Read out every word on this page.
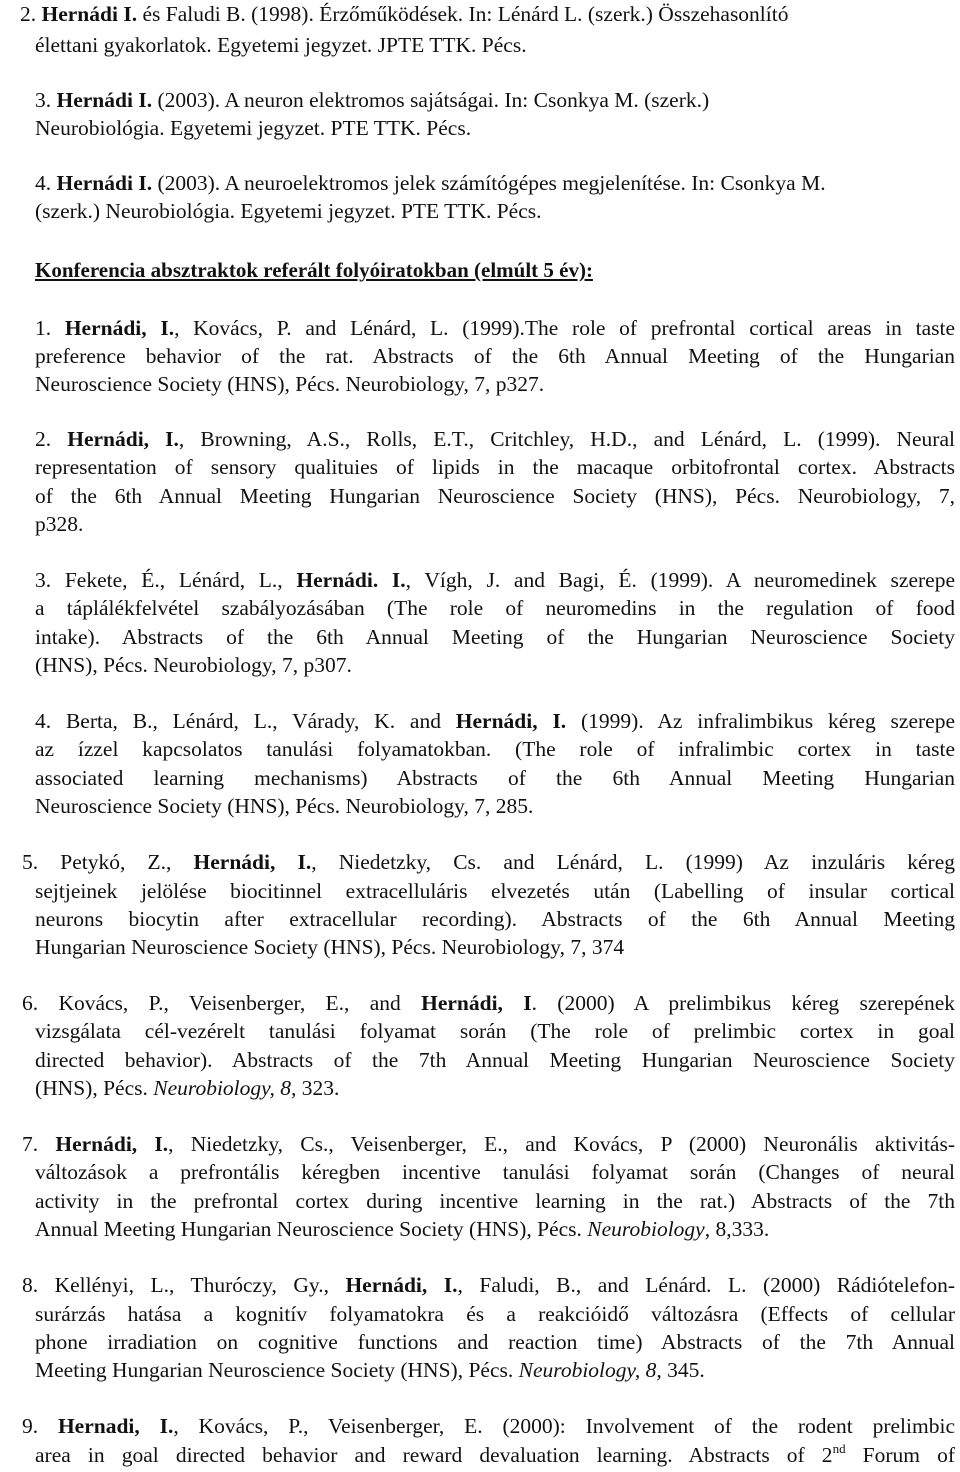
2. Hernádi I. és Faludi B. (1998). Érzőműködések. In: Lénárd L. (szerk.) Összehasonlító
élettani gyakorlatok. Egyetemi jegyzet. JPTE TTK. Pécs.
3. Hernádi I. (2003). A neuron elektromos sajátságai. In: Csonkya M. (szerk.)
Neurobiológia. Egyetemi jegyzet. PTE TTK. Pécs.
4. Hernádi I. (2003). A neuroelektromos jelek számítógépes megjelenítése. In: Csonkya M.
(szerk.) Neurobiológia. Egyetemi jegyzet. PTE TTK. Pécs.
Konferencia absztraktok referált folyóiratokban (elmúlt 5 év):
1. Hernádi, I., Kovács, P. and Lénárd, L. (1999).The role of prefrontal cortical areas in taste
preference behavior of the rat. Abstracts of the 6th Annual Meeting of the Hungarian
Neuroscience Society (HNS), Pécs. Neurobiology, 7, p327.
2. Hernádi, I., Browning, A.S., Rolls, E.T., Critchley, H.D., and Lénárd, L. (1999). Neural
representation of sensory qualituies of lipids in the macaque orbitofrontal cortex. Abstracts
of the 6th Annual Meeting Hungarian Neuroscience Society (HNS), Pécs. Neurobiology, 7,
p328.
3. Fekete, É., Lénárd, L., Hernádi. I., Vígh, J. and Bagi, É. (1999). A neuromedinek szerepe
a táplálékfelvétel szabályozásában (The role of neuromedins in the regulation of food
intake). Abstracts of the 6th Annual Meeting of the Hungarian Neuroscience Society
(HNS), Pécs. Neurobiology, 7, p307.
4. Berta, B., Lénárd, L., Várady, K. and Hernádi, I. (1999). Az infralimbikus kéreg szerepe
az ízzel kapcsolatos tanulási folyamatokban. (The role of infralimbic cortex in taste
associated learning mechanisms) Abstracts of the 6th Annual Meeting Hungarian
Neuroscience Society (HNS), Pécs. Neurobiology, 7, 285.
5. Petykó, Z., Hernádi, I., Niedetzky, Cs. and Lénárd, L. (1999) Az inzuláris kéreg
sejtjeinek jelölése biocitinnel extracelluláris elvezetés után (Labelling of insular cortical
neurons biocytin after extracellular recording). Abstracts of the 6th Annual Meeting
Hungarian Neuroscience Society (HNS), Pécs. Neurobiology, 7, 374
6. Kovács, P., Veisenberger, E., and Hernádi, I. (2000) A prelimbikus kéreg szerepének
vizsgálata cél-vezérelt tanulási folyamat során (The role of prelimbic cortex in goal
directed behavior). Abstracts of the 7th Annual Meeting Hungarian Neuroscience Society
(HNS), Pécs. Neurobiology, 8, 323.
7. Hernádi, I., Niedetzky, Cs., Veisenberger, E., and Kovács, P (2000) Neuronális aktivitás-
változások a prefrontális kéregben incentive tanulási folyamat során (Changes of neural
activity in the prefrontal cortex during incentive learning in the rat.) Abstracts of the 7th
Annual Meeting Hungarian Neuroscience Society (HNS), Pécs. Neurobiology, 8,333.
8. Kellényi, L., Thuróczy, Gy., Hernádi, I., Faludi, B., and Lénárd. L. (2000) Rádiótelefon-
surárzás hatása a kognitív folyamatokra és a reakcióidő változásra (Effects of cellular
phone irradiation on cognitive functions and reaction time) Abstracts of the 7th Annual
Meeting Hungarian Neuroscience Society (HNS), Pécs. Neurobiology, 8, 345.
9. Hernadi, I., Kovács, P., Veisenberger, E. (2000): Involvement of the rodent prelimbic
area in goal directed behavior and reward devaluation learning. Abstracts of 2nd Forum of
